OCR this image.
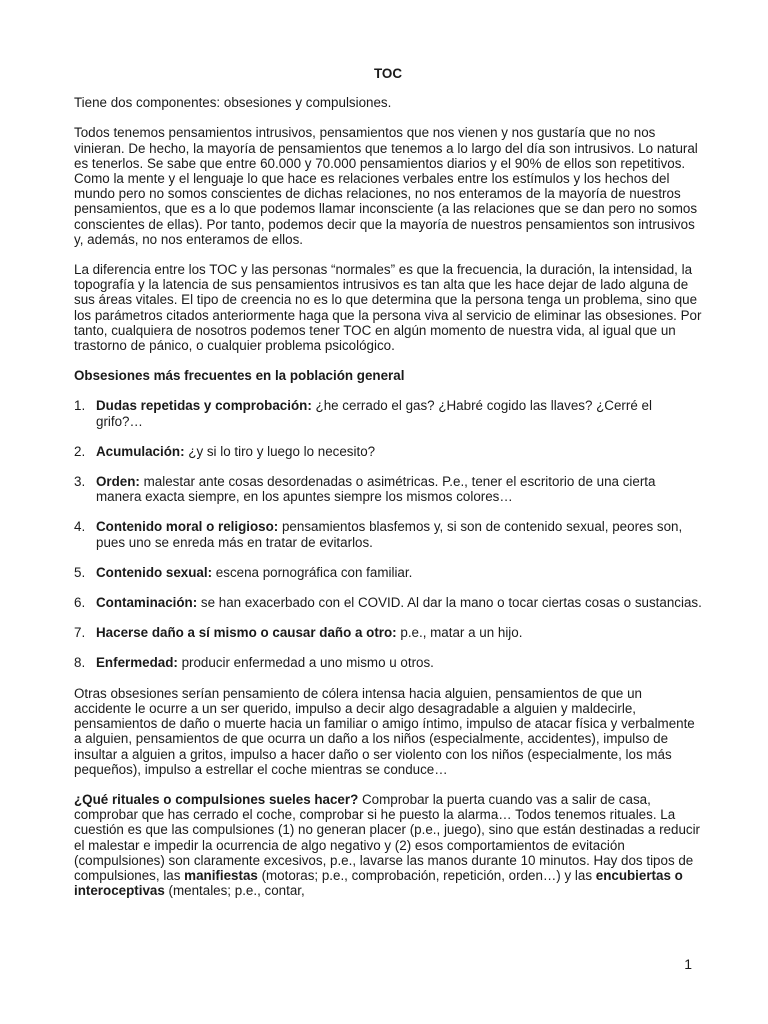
TOC

Tiene dos componentes: obsesiones y compulsiones.

Todos tenemos pensamientos intrusivos, pensamientos que nos vienen y nos gustaría que no nos vinieran. De hecho, la mayoría de pensamientos que tenemos a lo largo del día son intrusivos. Lo natural es tenerlos. Se sabe que entre 60.000 y 70.000 pensamientos diarios y el 90% de ellos son repetitivos. Como la mente y el lenguaje lo que hace es relaciones verbales entre los estímulos y los hechos del mundo pero no somos conscientes de dichas relaciones, no nos enteramos de la mayoría de nuestros pensamientos, que es a lo que podemos llamar inconsciente (a las relaciones que se dan pero no somos conscientes de ellas). Por tanto, podemos decir que la mayoría de nuestros pensamientos son intrusivos y, además, no nos enteramos de ellos.

La diferencia entre los TOC y las personas “normales” es que la frecuencia, la duración, la intensidad, la topografía y la latencia de sus pensamientos intrusivos es tan alta que les hace dejar de lado alguna de sus áreas vitales. El tipo de creencia no es lo que determina que la persona tenga un problema, sino que los parámetros citados anteriormente haga que la persona viva al servicio de eliminar las obsesiones. Por tanto, cualquiera de nosotros podemos tener TOC en algún momento de nuestra vida, al igual que un trastorno de pánico, o cualquier problema psicológico.

Obsesiones más frecuentes en la población general
1. Dudas repetidas y comprobación: ¿he cerrado el gas? ¿Habré cogido las llaves? ¿Cerré el grifo?…
2. Acumulación: ¿y si lo tiro y luego lo necesito?
3. Orden: malestar ante cosas desordenadas o asimétricas. P.e., tener el escritorio de una cierta manera exacta siempre, en los apuntes siempre los mismos colores…
4. Contenido moral o religioso: pensamientos blasfemos y, si son de contenido sexual, peores son, pues uno se enreda más en tratar de evitarlos.
5. Contenido sexual: escena pornográfica con familiar.
6. Contaminación: se han exacerbado con el COVID. Al dar la mano o tocar ciertas cosas o sustancias.
7. Hacerse daño a sí mismo o causar daño a otro: p.e., matar a un hijo.
8. Enfermedad: producir enfermedad a uno mismo u otros.

Otras obsesiones serían pensamiento de cólera intensa hacia alguien, pensamientos de que un accidente le ocurre a un ser querido, impulso a decir algo desagradable a alguien y maldecirle, pensamientos de daño o muerte hacia un familiar o amigo íntimo, impulso de atacar física y verbalmente a alguien, pensamientos de que ocurra un daño a los niños (especialmente, accidentes), impulso de insultar a alguien a gritos, impulso a hacer daño o ser violento con los niños (especialmente, los más pequeños), impulso a estrellar el coche mientras se conduce…

¿Qué rituales o compulsiones sueles hacer? Comprobar la puerta cuando vas a salir de casa, comprobar que has cerrado el coche, comprobar si he puesto la alarma… Todos tenemos rituales. La cuestión es que las compulsiones (1) no generan placer (p.e., juego), sino que están destinadas a reducir el malestar e impedir la ocurrencia de algo negativo y (2) esos comportamientos de evitación (compulsiones) son claramente excesivos, p.e., lavarse las manos durante 10 minutos. Hay dos tipos de compulsiones, las manifiestas (motoras; p.e., comprobación, repetición, orden…) y las encubiertas o interoceptivas (mentales; p.e., contar,

1
